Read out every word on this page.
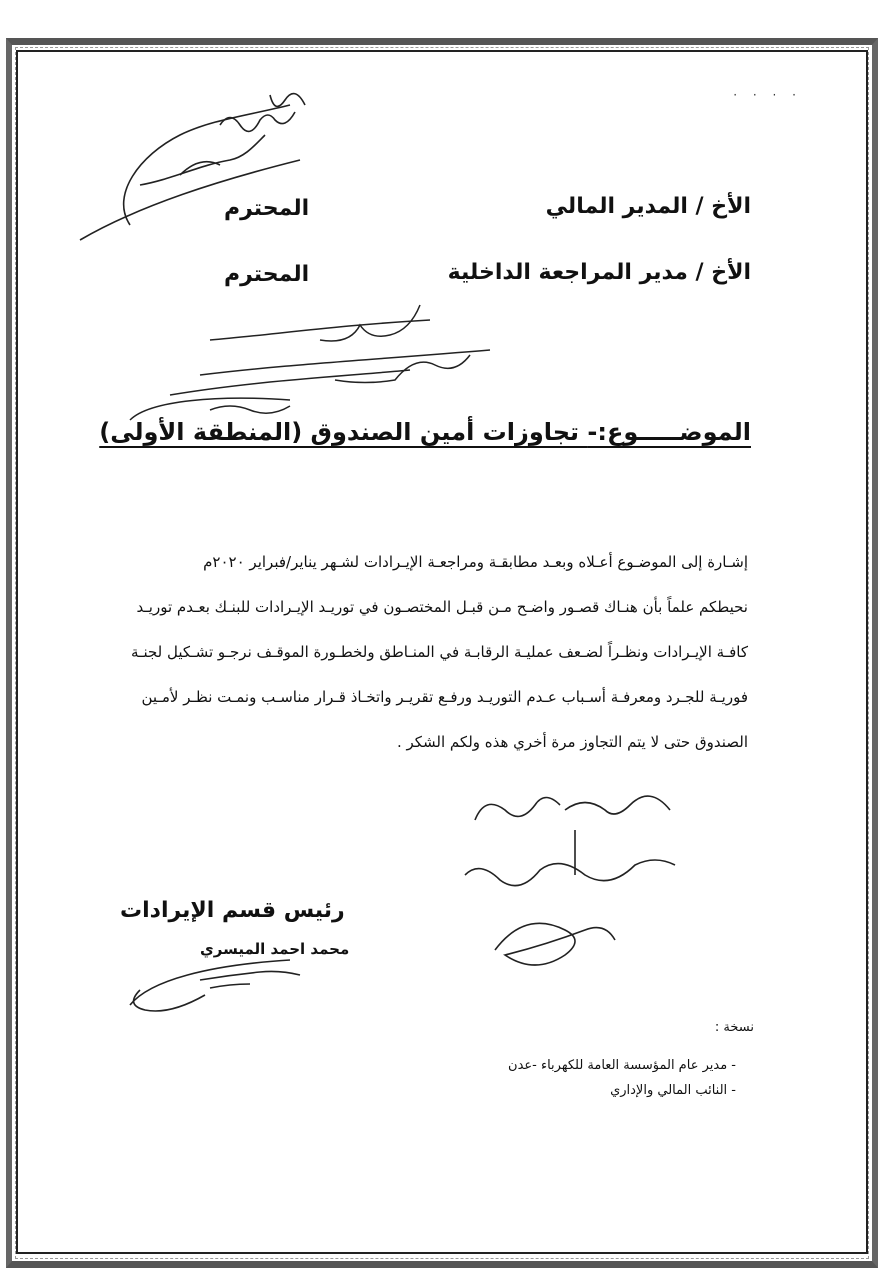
· · · ·
الأخ / المدير المالي
المحترم
الأخ / مدير المراجعة الداخلية
المحترم
الموضـــــوع:- تجاوزات أمين الصندوق (المنطقة الأولى)

إشـارة إلى الموضـوع أعـلاه وبعـد مطابقـة ومراجعـة الإيـرادات لشـهر يناير/فبراير ٢٠٢٠م

نحيطكم علماً بأن هنـاك قصـور واضـح مـن قبـل المختصـون في توريـد الإيـرادات للبنـك بعـدم توريـد

كافـة الإيـرادات ونظـراً لضـعف عمليـة الرقابـة في المنـاطق ولخطـورة الموقـف نرجـو تشـكيل لجنـة

فوريـة للجـرد ومعرفـة أسـباب عـدم التوريـد ورفـع تقريـر واتخـاذ قـرار مناسـب ونمـت نظـر لأمـين

الصندوق حتى لا يتم التجاوز مرة أخري هذه ولكم الشكر .

رئيس قسم الإيرادات
محمد احمد الميسري
نسخة :
- مدير عام المؤسسة العامة للكهرباء -عدن
- النائب المالي والإداري
